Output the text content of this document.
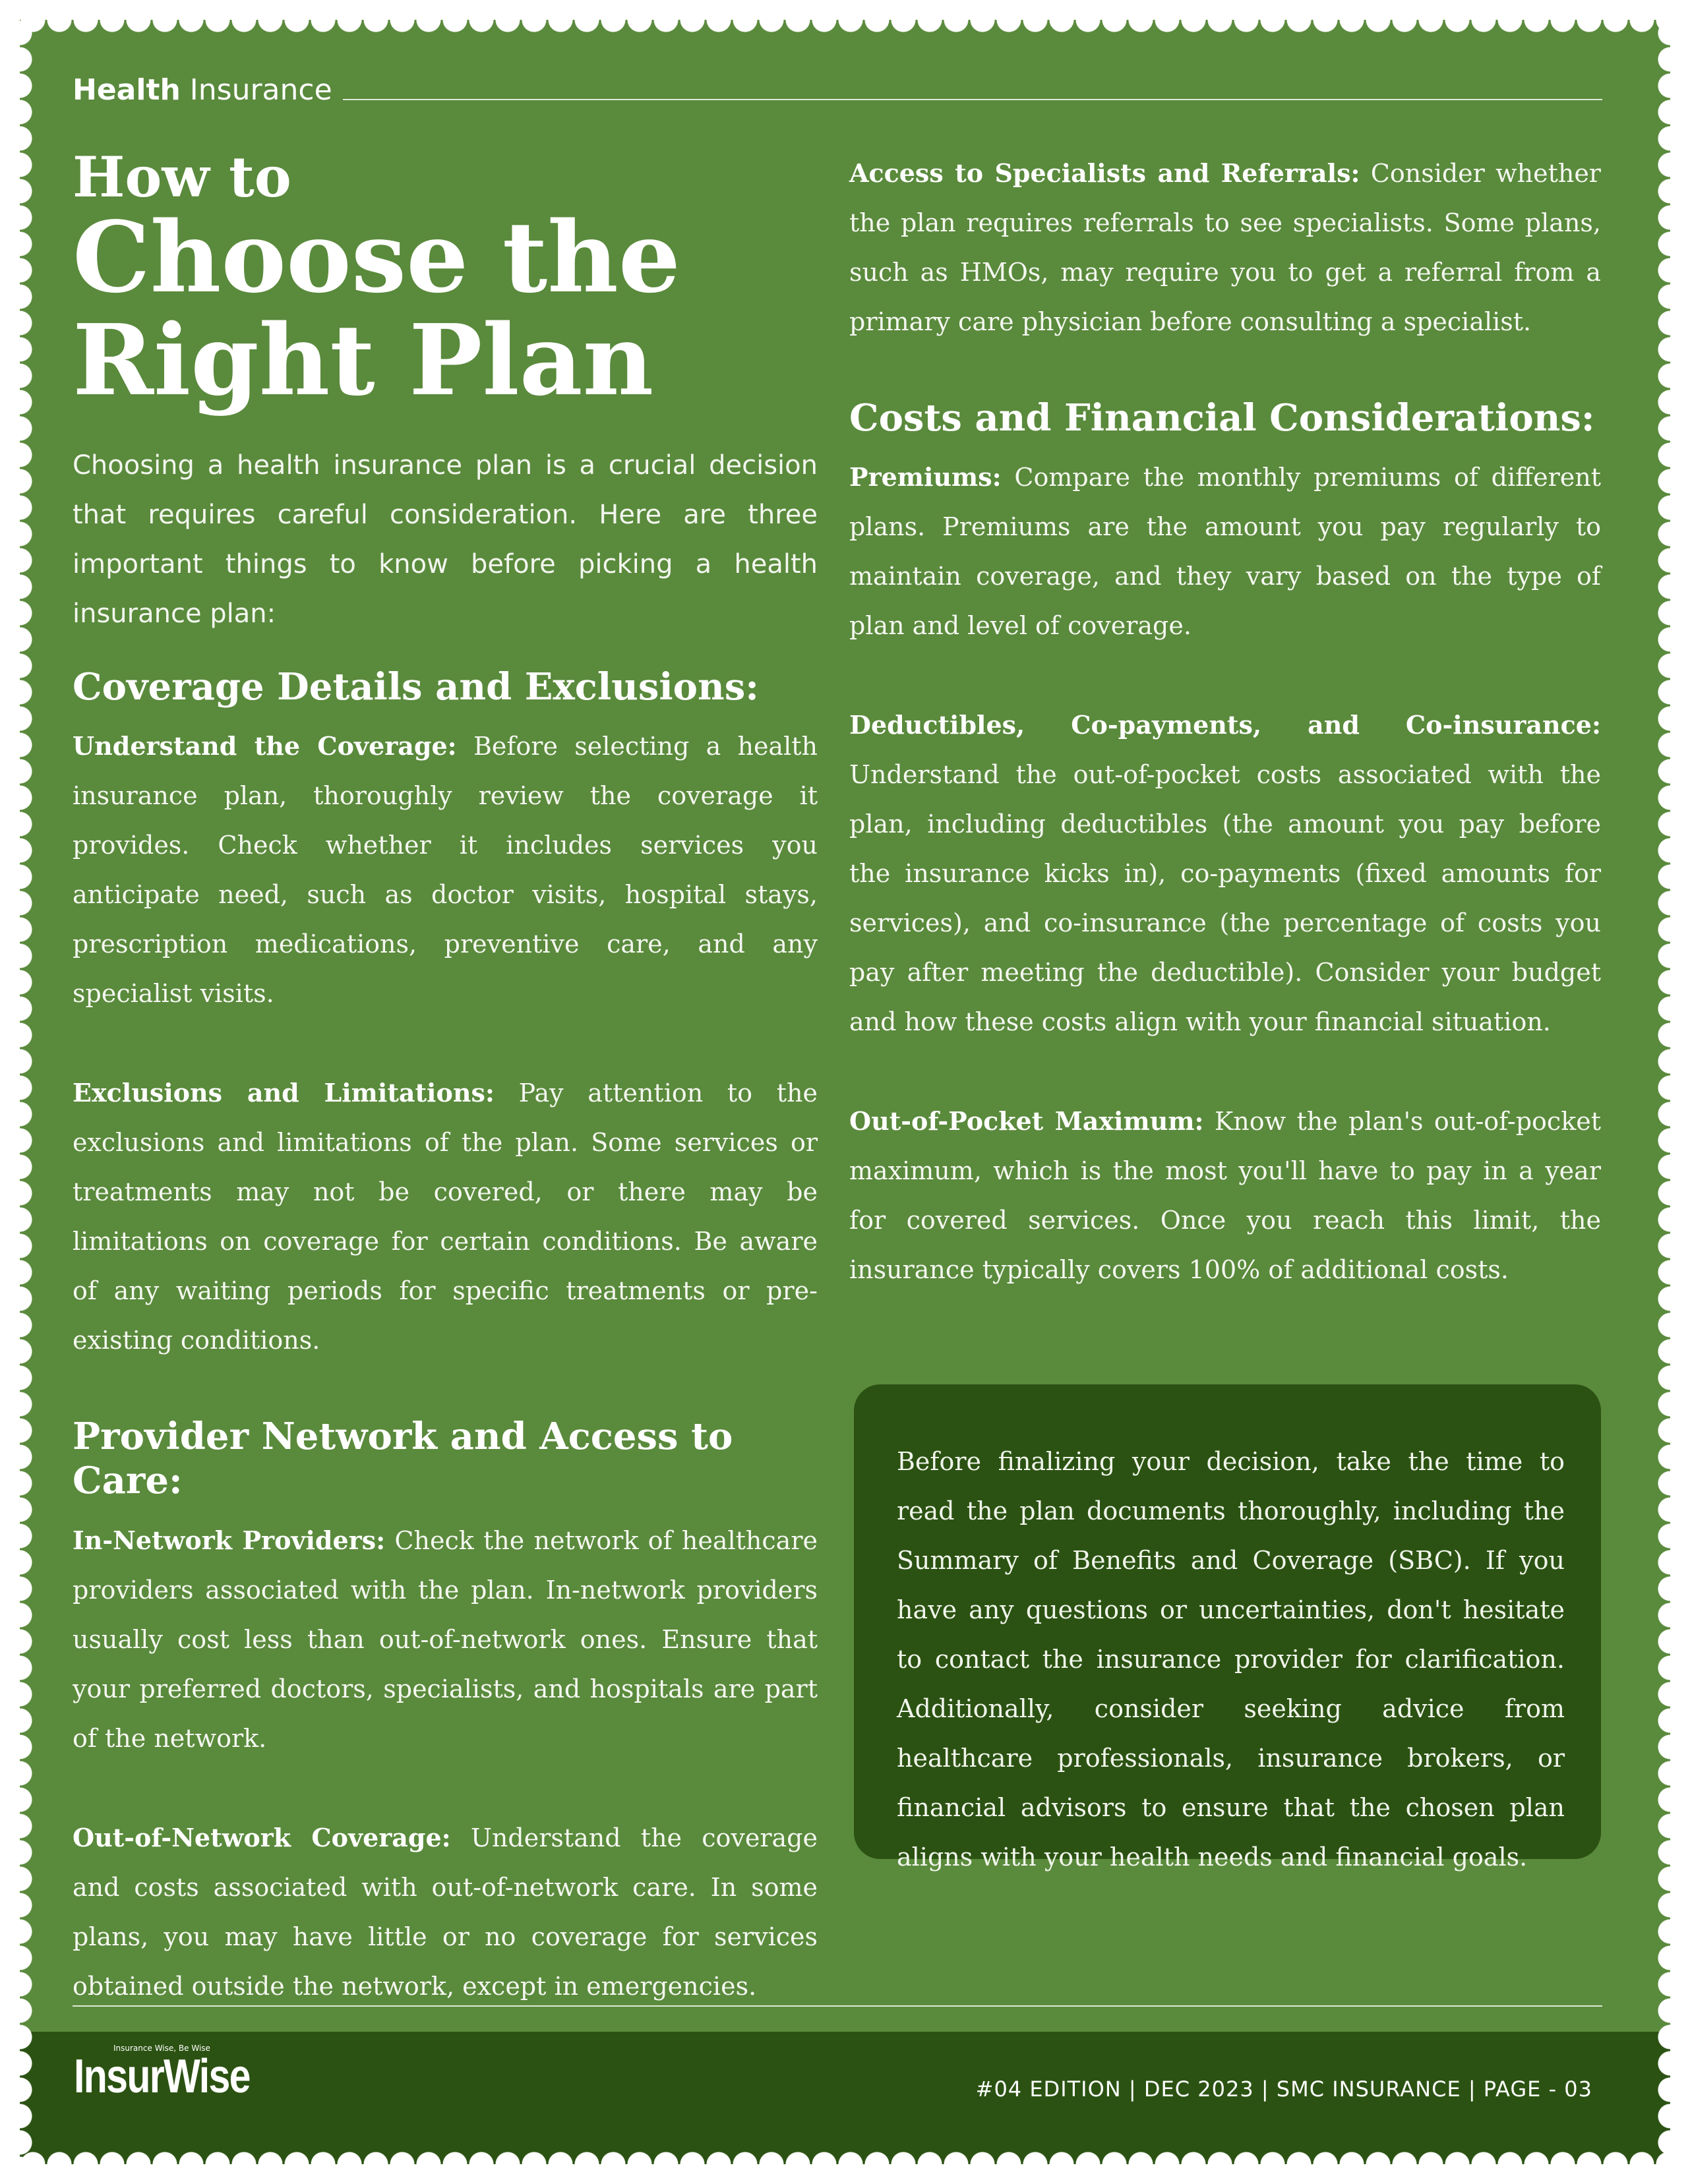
Health Insurance
How to
Choose the Right Plan

Choosing a health insurance plan is a crucial decision that requires careful consideration. Here are three important things to know before picking a health insurance plan:

Coverage Details and Exclusions:

Understand the Coverage: Before selecting a health insurance plan, thoroughly review the coverage it provides. Check whether it includes services you anticipate need, such as doctor visits, hospital stays, prescription medications, preventive care, and any specialist visits.

Exclusions and Limitations: Pay attention to the exclusions and limitations of the plan. Some services or treatments may not be covered, or there may be limitations on coverage for certain conditions. Be aware of any waiting periods for specific treatments or pre-existing conditions.

Provider Network and Access to Care:

In-Network Providers: Check the network of healthcare providers associated with the plan. In-network providers usually cost less than out-of-network ones. Ensure that your preferred doctors, specialists, and hospitals are part of the network.

Out-of-Network Coverage: Understand the coverage and costs associated with out-of-network care. In some plans, you may have little or no coverage for services obtained outside the network, except in emergencies.

Access to Specialists and Referrals: Consider whether the plan requires referrals to see specialists. Some plans, such as HMOs, may require you to get a referral from a primary care physician before consulting a specialist.

Costs and Financial Considerations:

Premiums: Compare the monthly premiums of different plans. Premiums are the amount you pay regularly to maintain coverage, and they vary based on the type of plan and level of coverage.

Deductibles, Co-payments, and Co-insurance: Understand the out-of-pocket costs associated with the plan, including deductibles (the amount you pay before the insurance kicks in), co-payments (fixed amounts for services), and co-insurance (the percentage of costs you pay after meeting the deductible). Consider your budget and how these costs align with your financial situation.

Out-of-Pocket Maximum: Know the plan's out-of-pocket maximum, which is the most you'll have to pay in a year for covered services. Once you reach this limit, the insurance typically covers 100% of additional costs.

Before finalizing your decision, take the time to read the plan documents thoroughly, including the Summary of Benefits and Coverage (SBC). If you have any questions or uncertainties, don't hesitate to contact the insurance provider for clarification. Additionally, consider seeking advice from healthcare professionals, insurance brokers, or financial advisors to ensure that the chosen plan aligns with your health needs and financial goals.

Insurance Wise, Be Wise
InsurWise	#04 EDITION | DEC 2023 | SMC INSURANCE | PAGE - 03
